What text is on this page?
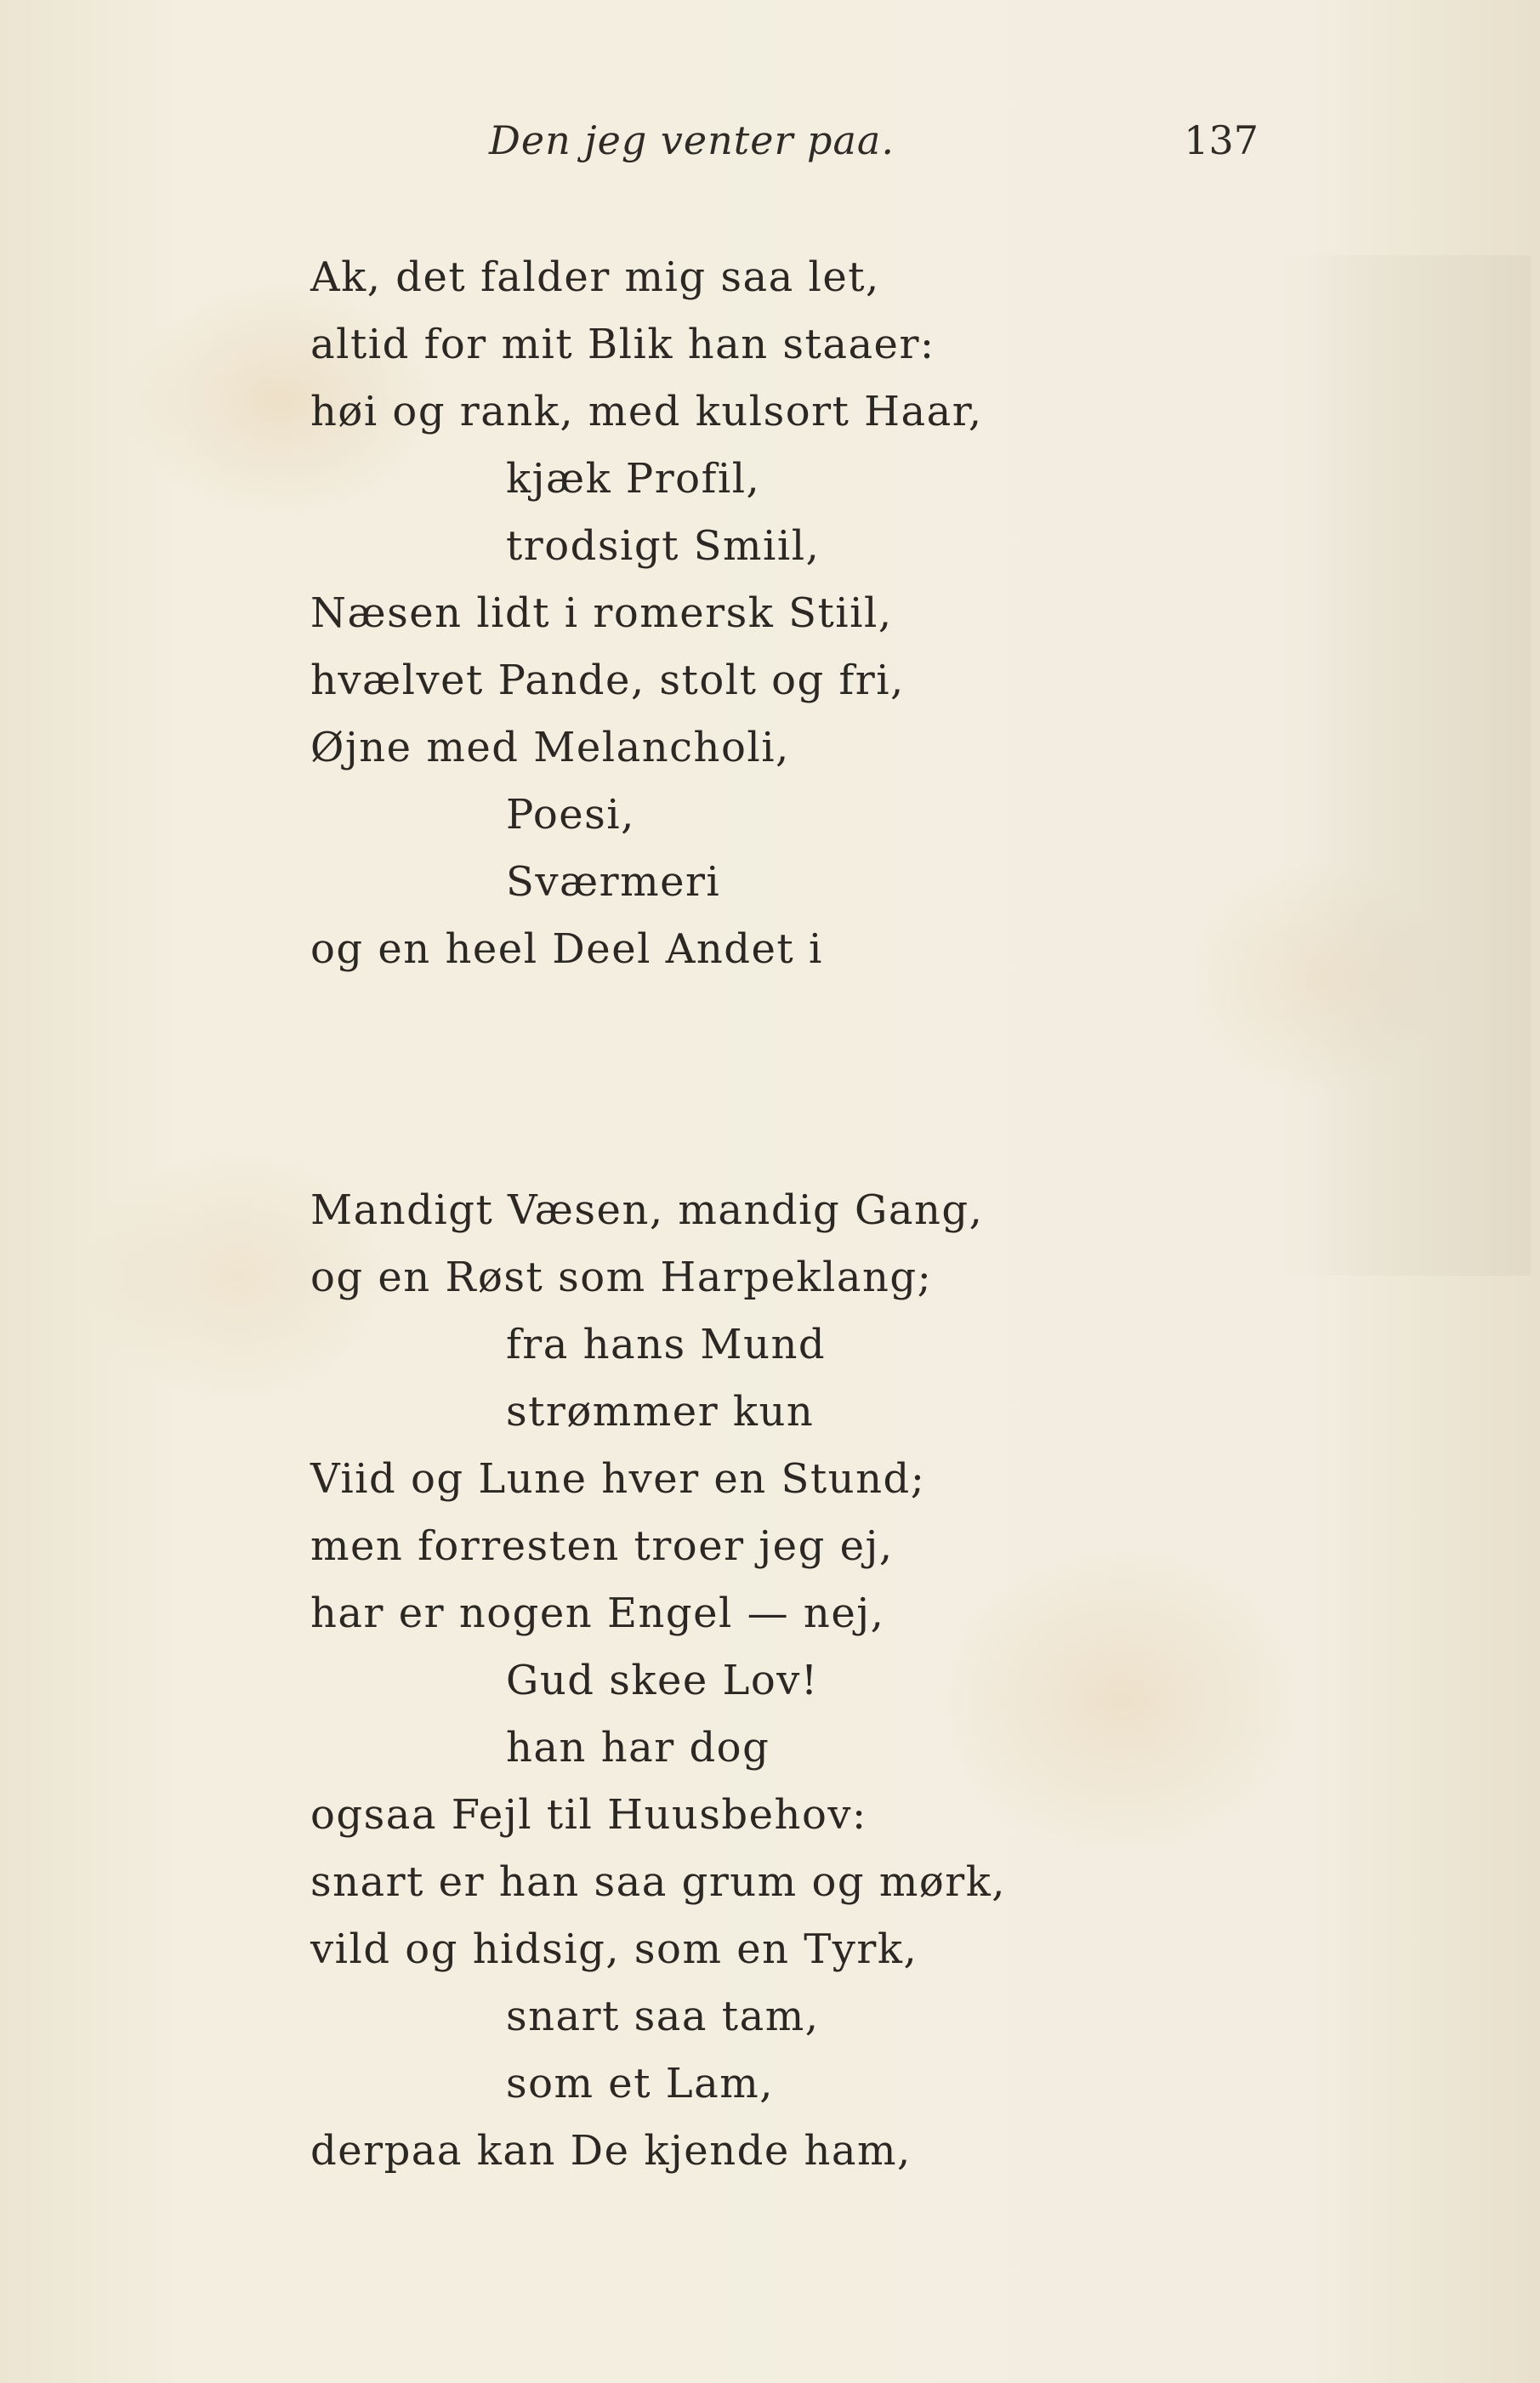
Den jeg venter paa.	137
Ak, det falder mig saa let,
altid for mit Blik han staaer:
høi og rank, med kulsort Haar,
kjæk Profil,
trodsigt Smiil,
Næsen lidt i romersk Stiil,
hvælvet Pande, stolt og fri,
Øjne med Melancholi,
Poesi,
Sværmeri
og en heel Deel Andet i
Mandigt Væsen, mandig Gang,
og en Røst som Harpeklang;
fra hans Mund
strømmer kun
Viid og Lune hver en Stund;
men forresten troer jeg ej,
har er nogen Engel — nej,
Gud skee Lov!
han har dog
ogsaa Fejl til Huusbehov:
snart er han saa grum og mørk,
vild og hidsig, som en Tyrk,
snart saa tam,
som et Lam,
derpaa kan De kjende ham,
